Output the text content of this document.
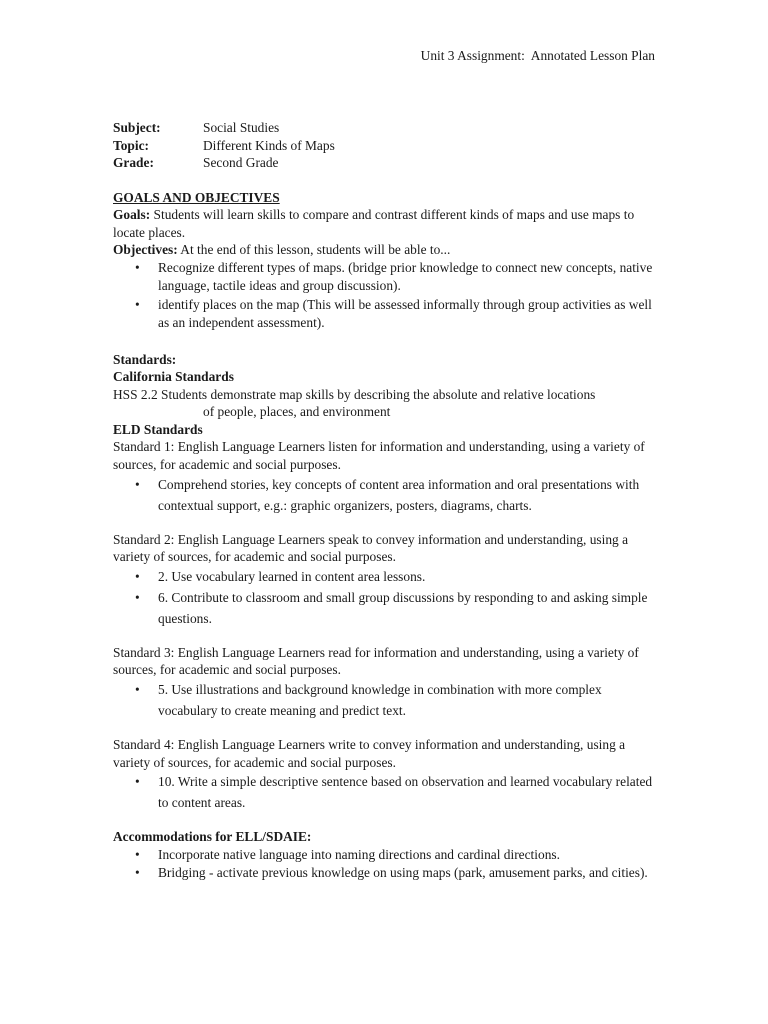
Unit 3 Assignment:  Annotated Lesson Plan
Subject:	Social Studies
Topic:	Different Kinds of Maps
Grade:	Second Grade
GOALS AND OBJECTIVES

Goals: Students will learn skills to compare and contrast different kinds of maps and use maps to locate places.

Objectives: At the end of this lesson, students will be able to...

• Recognize different types of maps. (bridge prior knowledge to connect new concepts, native language, tactile ideas and group discussion).
• identify places on the map (This will be assessed informally through group activities as well as an independent assessment).
Standards:
California Standards
HSS 2.2 Students demonstrate map skills by describing the absolute and relative locations
of people, places, and environment
ELD Standards

Standard 1: English Language Learners listen for information and understanding, using a variety of sources, for academic and social purposes.

• Comprehend stories, key concepts of content area information and oral presentations with contextual support, e.g.: graphic organizers, posters, diagrams, charts.

Standard 2: English Language Learners speak to convey information and understanding, using a variety of sources, for academic and social purposes.

• 2. Use vocabulary learned in content area lessons.
• 6. Contribute to classroom and small group discussions by responding to and asking simple questions.

Standard 3: English Language Learners read for information and understanding, using a variety of sources, for academic and social purposes.

• 5. Use illustrations and background knowledge in combination with more complex vocabulary to create meaning and predict text.

Standard 4: English Language Learners write to convey information and understanding, using a variety of sources, for academic and social purposes.

• 10. Write a simple descriptive sentence based on observation and learned vocabulary related to content areas.
Accommodations for ELL/SDAIE:
• Incorporate native language into naming directions and cardinal directions.
• Bridging - activate previous knowledge on using maps (park, amusement parks, and cities).
